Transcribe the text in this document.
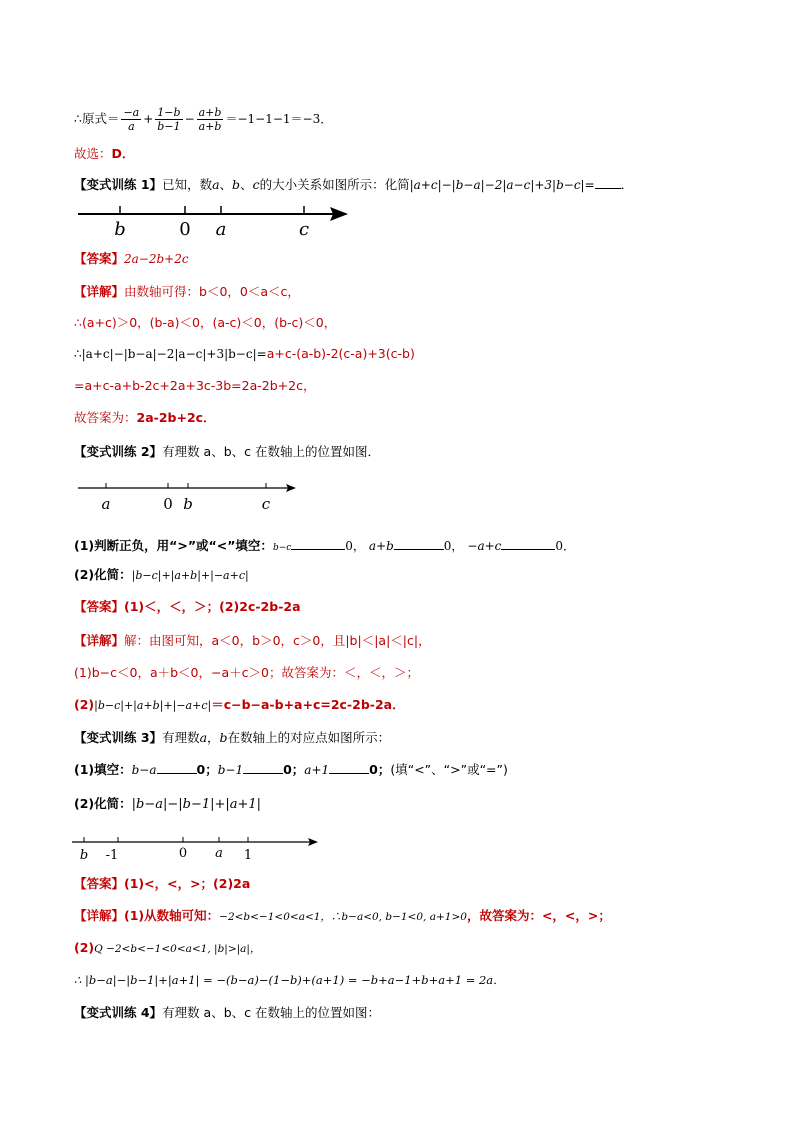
∴原式＝ $\frac{-a}{a} + \frac{1-b}{b-1} - \frac{a+b}{a+b} =-1-1-1=-3$．
故选：D．
【变式训练 1】已知，数a、b、c的大小关系如图所示：化简|a+c|−|b−a|−2|a−c|+3|b−c|= ．
b	0 a	c
【答案】2a−2b+2c
【详解】由数轴可得：b＜0，0＜a＜c，
∴(a+c)＞0，(b-a)＜0，(a-c)＜0，(b-c)＜0，
∴|a+c|−|b−a|−2|a−c|+3|b−c|=a+c-(a-b)-2(c-a)+3(c-b)
=a+c-a+b-2c+2a+3c-3b=2a-2b+2c，
故答案为：2a-2b+2c．
【变式训练 2】有理数 a、b、c 在数轴上的位置如图．
a	0 b	c
(1)判断正负，用“>”或“<”填空：b−c	0， a+b	0， −a+c	0．
(2)化简：|b−c|+|a+b|+|−a+c|
【答案】(1)＜，＜，＞；(2)2c-2b-2a
【详解】解：由图可知，a＜0，b＞0，c＞0，且|b|＜|a|＜|c|，
(1)b−c＜0，a＋b＜0，−a＋c＞0；故答案为：＜，＜，＞；
(2)|b−c|+|a+b|+|−a+c|＝c−b−a-b+a+c=2c-2b-2a．
【变式训练 3】有理数a，b在数轴上的对应点如图所示：
(1)填空：b−a	0；b−1	0；a+1	0；(填“<”、“>”或“=”)
(2)化简：|b−a|−|b−1|+|a+1|
b -1	0 a 1
【答案】(1)<，<，>；(2)2a
【详解】(1)从数轴可知：−2<b<−1<0<a<1，∴b−a<0, b−1<0, a+1>0，故答案为：<，<，>；
(2)Q −2<b<−1<0<a<1, |b|>|a|，
∴ |b−a|−|b−1|+|a+1| = −(b−a)−(1−b)+(a+1) = −b+a−1+b+a+1 = 2a．
【变式训练 4】有理数 a、b、c 在数轴上的位置如图：
